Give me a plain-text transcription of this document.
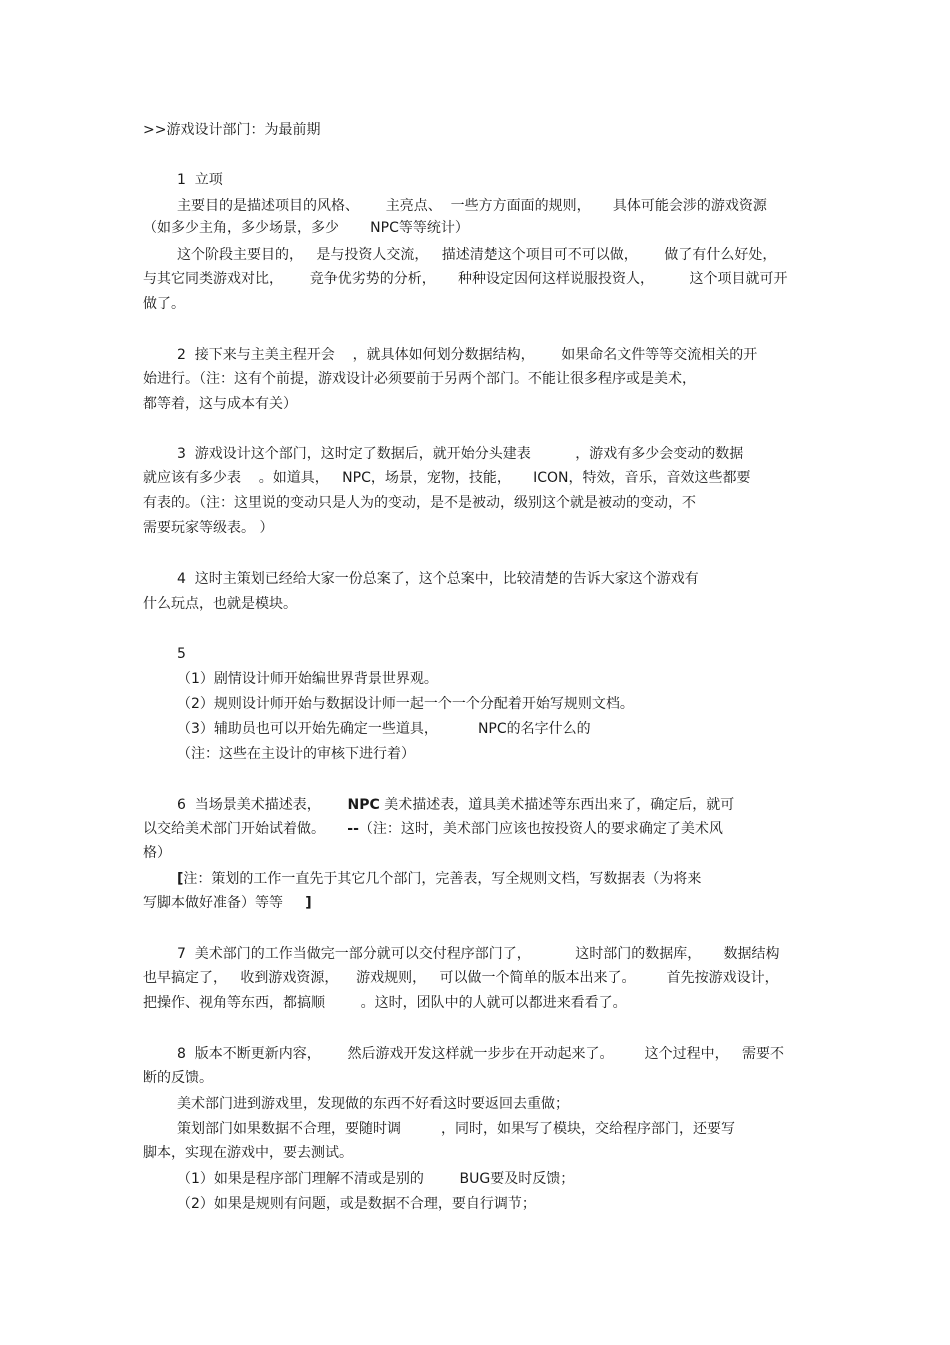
>>游戏设计部门：为最前期
1  立项
主要目的是描述项目的风格、      主亮点、  一些方方面面的规则，     具体可能会涉的游戏资源
（如多少主角，多少场景，多少       NPC等等统计）
这个阶段主要目的，   是与投资人交流，   描述清楚这个项目可不可以做，      做了有什么好处，
与其它同类游戏对比，      竞争优劣势的分析，     种种设定因何这样说服投资人，        这个项目就可开
做了。
2  接下来与主美主程开会    ，就具体如何划分数据结构，      如果命名文件等等交流相关的开
始进行。（注：这有个前提，游戏设计必须要前于另两个部门。不能让很多程序或是美术，
都等着，这与成本有关）
3  游戏设计这个部门，这时定了数据后，就开始分头建表          ，游戏有多少会变动的数据
就应该有多少表    。如道具，   NPC，场景，宠物，技能，     ICON，特效，音乐，音效这些都要
有表的。（注：这里说的变动只是人为的变动，是不是被动，级别这个就是被动的变动，不
需要玩家等级表。 ）
4  这时主策划已经给大家一份总案了，这个总案中，比较清楚的告诉大家这个游戏有
什么玩点，也就是模块。
5
（1）剧情设计师开始编世界背景世界观。
（2）规则设计师开始与数据设计师一起一个一个分配着开始写规则文档。
（3）辅助员也可以开始先确定一些道具，         NPC的名字什么的
（注：这些在主设计的审核下进行着）
6  当场景美术描述表，      NPC 美术描述表，道具美术描述等东西出来了，确定后，就可
以交给美术部门开始试着做。     --（注：这时，美术部门应该也按投资人的要求确定了美术风
格）
[注：策划的工作一直先于其它几个部门，完善表，写全规则文档，写数据表（为将来
写脚本做好准备）等等     ]
7  美术部门的工作当做完一部分就可以交付程序部门了，          这时部门的数据库，     数据结构
也早搞定了，   收到游戏资源，    游戏规则，   可以做一个简单的版本出来了。       首先按游戏设计，
把操作、视角等东西，都搞顺        。这时，团队中的人就可以都进来看看了。
8  版本不断更新内容，      然后游戏开发这样就一步步在开动起来了。       这个过程中，   需要不
断的反馈。
美术部门进到游戏里，发现做的东西不好看这时要返回去重做；
策划部门如果数据不合理，要随时调         ，同时，如果写了模块，交给程序部门，还要写
脚本，实现在游戏中，要去测试。
（1）如果是程序部门理解不清或是别的        BUG要及时反馈；
（2）如果是规则有问题，或是数据不合理，要自行调节；
